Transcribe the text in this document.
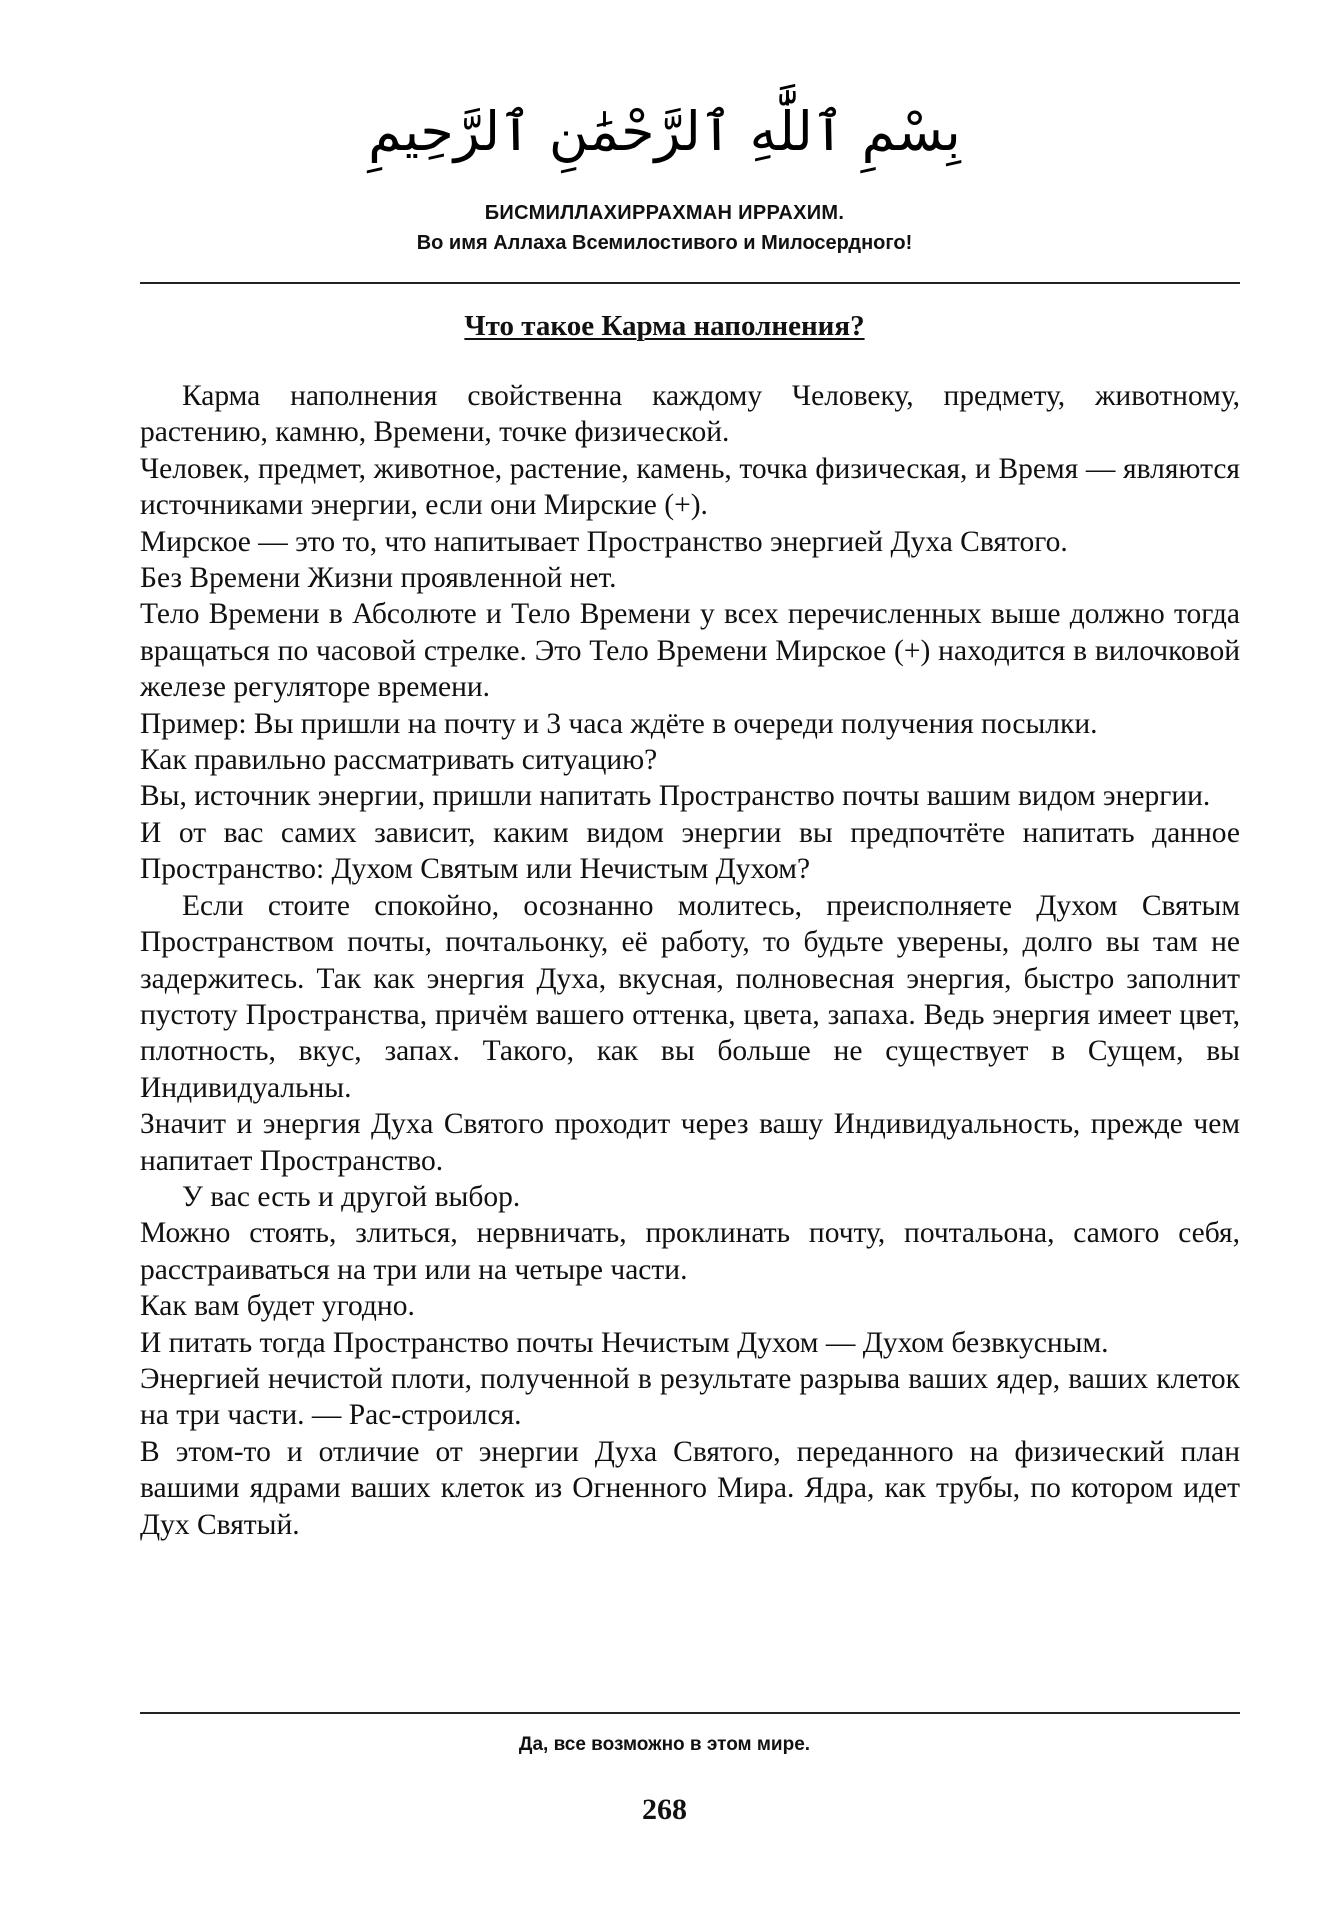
بِسْمِ ٱللَّٰهِ ٱلرَّحْمَٰنِ ٱلرَّحِيمِ
БИСМИЛЛАХИРРАХМАН ИРРАХИМ.
Во имя Аллаха Всемилостивого и Милосердного!
Что такое Карма наполнения?

Карма наполнения свойственна каждому Человеку, предмету, животному, растению, камню, Времени, точке физической.

Человек, предмет, животное, растение, камень, точка физическая, и Время — являются источниками энергии, если они Мирские (+).

Мирское — это то, что напитывает Пространство энергией Духа Святого.

Без Времени Жизни проявленной нет.

Тело Времени в Абсолюте и Тело Времени у всех перечисленных выше должно тогда вращаться по часовой стрелке. Это Тело Времени Мирское (+) находится в вилочковой железе регуляторе времени.

Пример: Вы пришли на почту и 3 часа ждёте в очереди получения посылки.

Как правильно рассматривать ситуацию?

Вы, источник энергии, пришли напитать Пространство почты вашим видом энергии.

И от вас самих зависит, каким видом энергии вы предпочтёте напитать данное Пространство: Духом Святым или Нечистым Духом?

Если стоите спокойно, осознанно молитесь, преисполняете Духом Святым Пространством почты, почтальонку, её работу, то будьте уверены, долго вы там не задержитесь. Так как энергия Духа, вкусная, полновесная энергия, быстро заполнит пустоту Пространства, причём вашего оттенка, цвета, запаха. Ведь энергия имеет цвет, плотность, вкус, запах. Такого, как вы больше не существует в Сущем, вы Индивидуальны.

Значит и энергия Духа Святого проходит через вашу Индивидуальность, прежде чем напитает Пространство.

У вас есть и другой выбор.

Можно стоять, злиться, нервничать, проклинать почту, почтальона, самого себя, расстраиваться на три или на четыре части.

Как вам будет угодно.

И питать тогда Пространство почты Нечистым Духом — Духом безвкусным.

Энергией нечистой плоти, полученной в результате разрыва ваших ядер, ваших клеток на три части. — Рас-строился.

В этом-то и отличие от энергии Духа Святого, переданного на физический план вашими ядрами ваших клеток из Огненного Мира. Ядра, как трубы, по котором идет Дух Святый.

Да, все возможно в этом мире.
268
